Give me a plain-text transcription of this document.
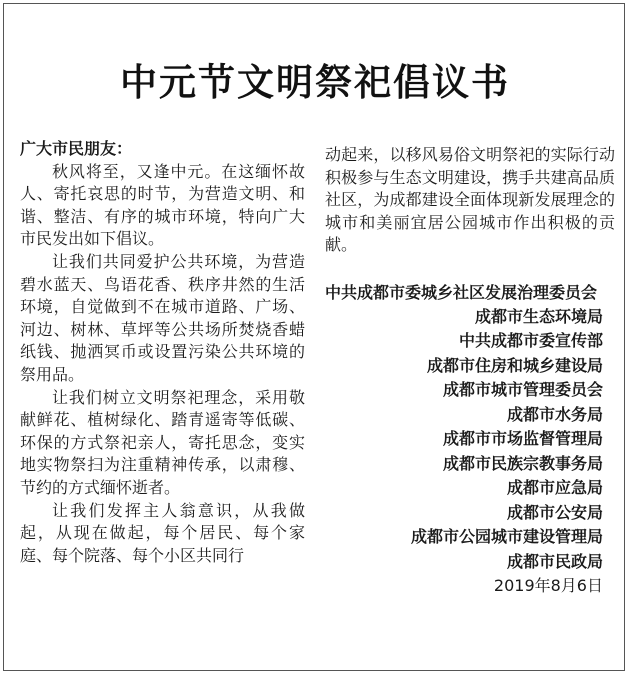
中元节文明祭祀倡议书

广大市民朋友：

秋风将至，又逢中元。在这缅怀故人、寄托哀思的时节，为营造文明、和谐、整洁、有序的城市环境，特向广大市民发出如下倡议。

让我们共同爱护公共环境，为营造碧水蓝天、鸟语花香、秩序井然的生活环境，自觉做到不在城市道路、广场、河边、树林、草坪等公共场所焚烧香蜡纸钱、抛洒冥币或设置污染公共环境的祭用品。

让我们树立文明祭祀理念，采用敬献鲜花、植树绿化、踏青遥寄等低碳、环保的方式祭祀亲人，寄托思念，变实地实物祭扫为注重精神传承，以肃穆、节约的方式缅怀逝者。

让我们发挥主人翁意识，从我做起，从现在做起，每个居民、每个家庭、每个院落、每个小区共同行

动起来，以移风易俗文明祭祀的实际行动积极参与生态文明建设，携手共建高品质社区，为成都建设全面体现新发展理念的城市和美丽宜居公园城市作出积极的贡献。

中共成都市委城乡社区发展治理委员会

成都市生态环境局

中共成都市委宣传部

成都市住房和城乡建设局

成都市城市管理委员会

成都市水务局

成都市市场监督管理局

成都市民族宗教事务局

成都市应急局

成都市公安局

成都市公园城市建设管理局

成都市民政局

2019年8月6日
